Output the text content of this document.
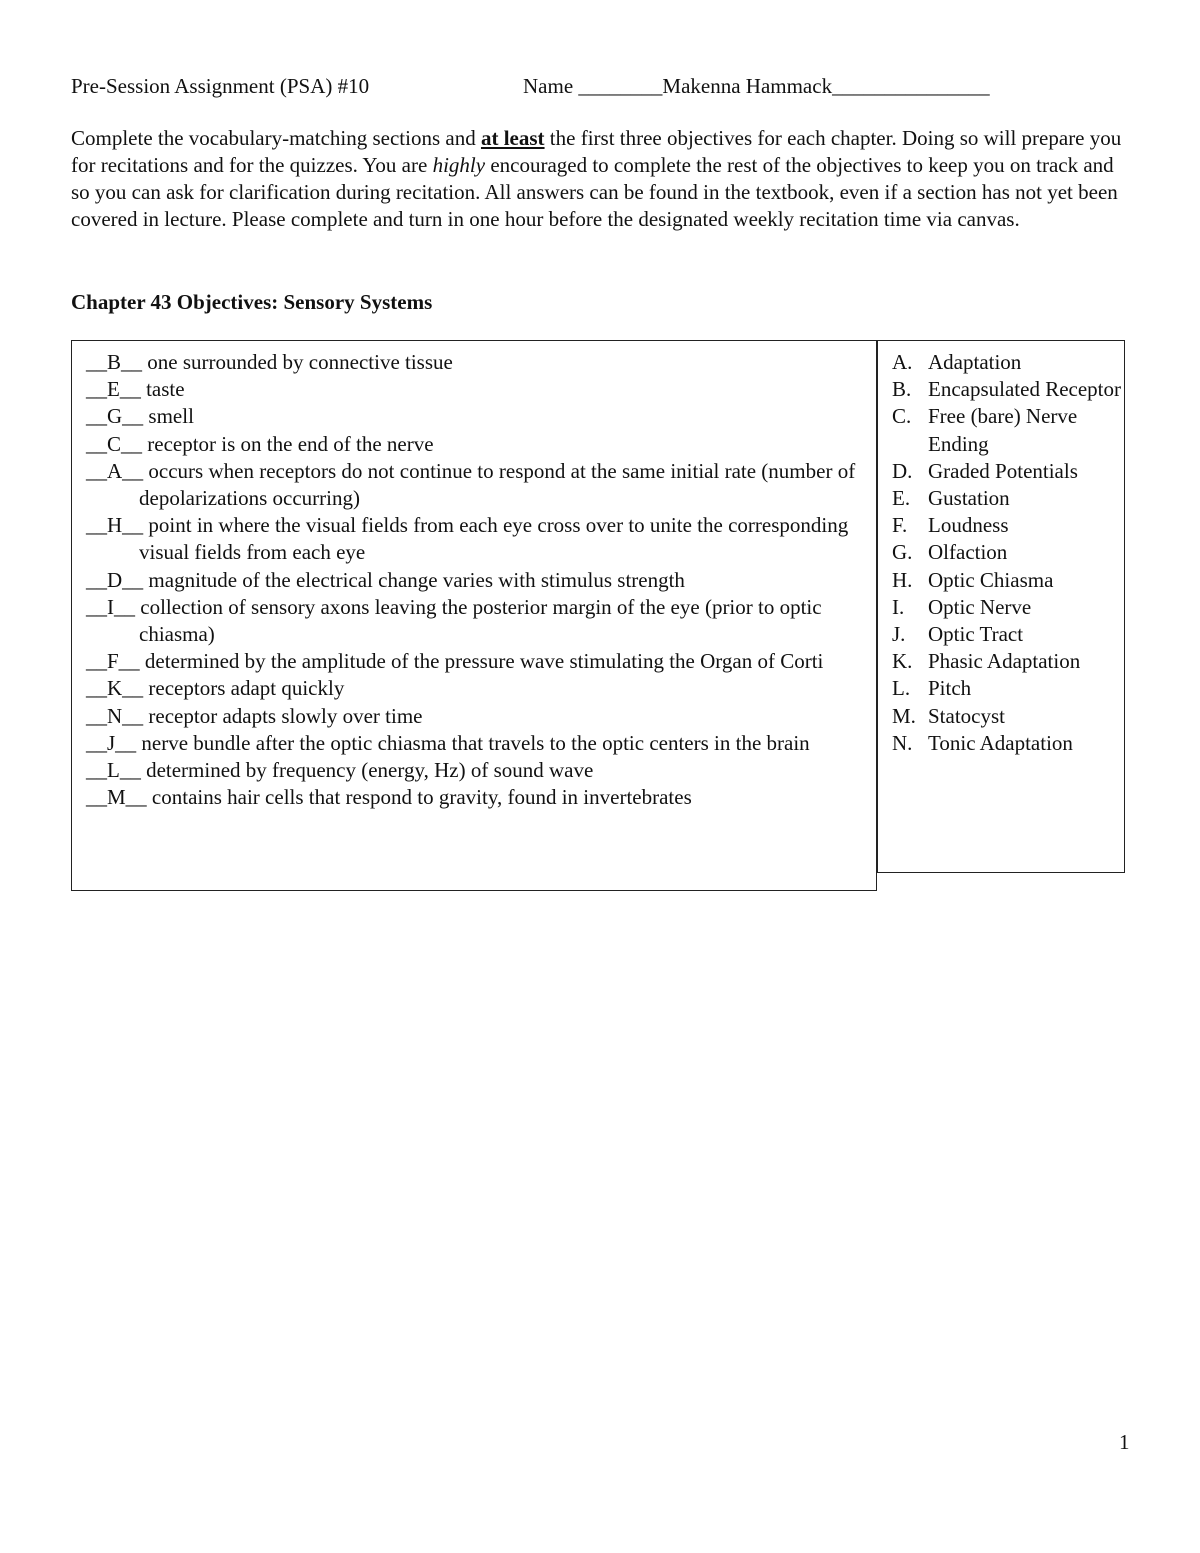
Pre-Session Assignment (PSA) #10	Name ________Makenna Hammack_______________
Complete the vocabulary-matching sections and at least the first three objectives for each chapter. Doing so will prepare you for recitations and for the quizzes. You are highly encouraged to complete the rest of the objectives to keep you on track and so you can ask for clarification during recitation. All answers can be found in the textbook, even if a section has not yet been covered in lecture. Please complete and turn in one hour before the designated weekly recitation time via canvas.
Chapter 43 Objectives: Sensory Systems
__B__ one surrounded by connective tissue
__E__ taste
__G__ smell
__C__ receptor is on the end of the nerve
__A__ occurs when receptors do not continue to respond at the same initial rate (number of depolarizations occurring)
__H__ point in where the visual fields from each eye cross over to unite the corresponding visual fields from each eye
__D__ magnitude of the electrical change varies with stimulus strength
__I__ collection of sensory axons leaving the posterior margin of the eye (prior to optic chiasma)
__F__ determined by the amplitude of the pressure wave stimulating the Organ of Corti
__K__ receptors adapt quickly
__N__ receptor adapts slowly over time
__J__ nerve bundle after the optic chiasma that travels to the optic centers in the brain
__L__ determined by frequency (energy, Hz) of sound wave
__M__ contains hair cells that respond to gravity, found in invertebrates
A. Adaptation
B. Encapsulated Receptor
C. Free (bare) Nerve Ending
D. Graded Potentials
E. Gustation
F. Loudness
G. Olfaction
H. Optic Chiasma
I.	Optic Nerve
J.	Optic Tract
K. Phasic Adaptation
L. Pitch
M. Statocyst
N. Tonic Adaptation
1
